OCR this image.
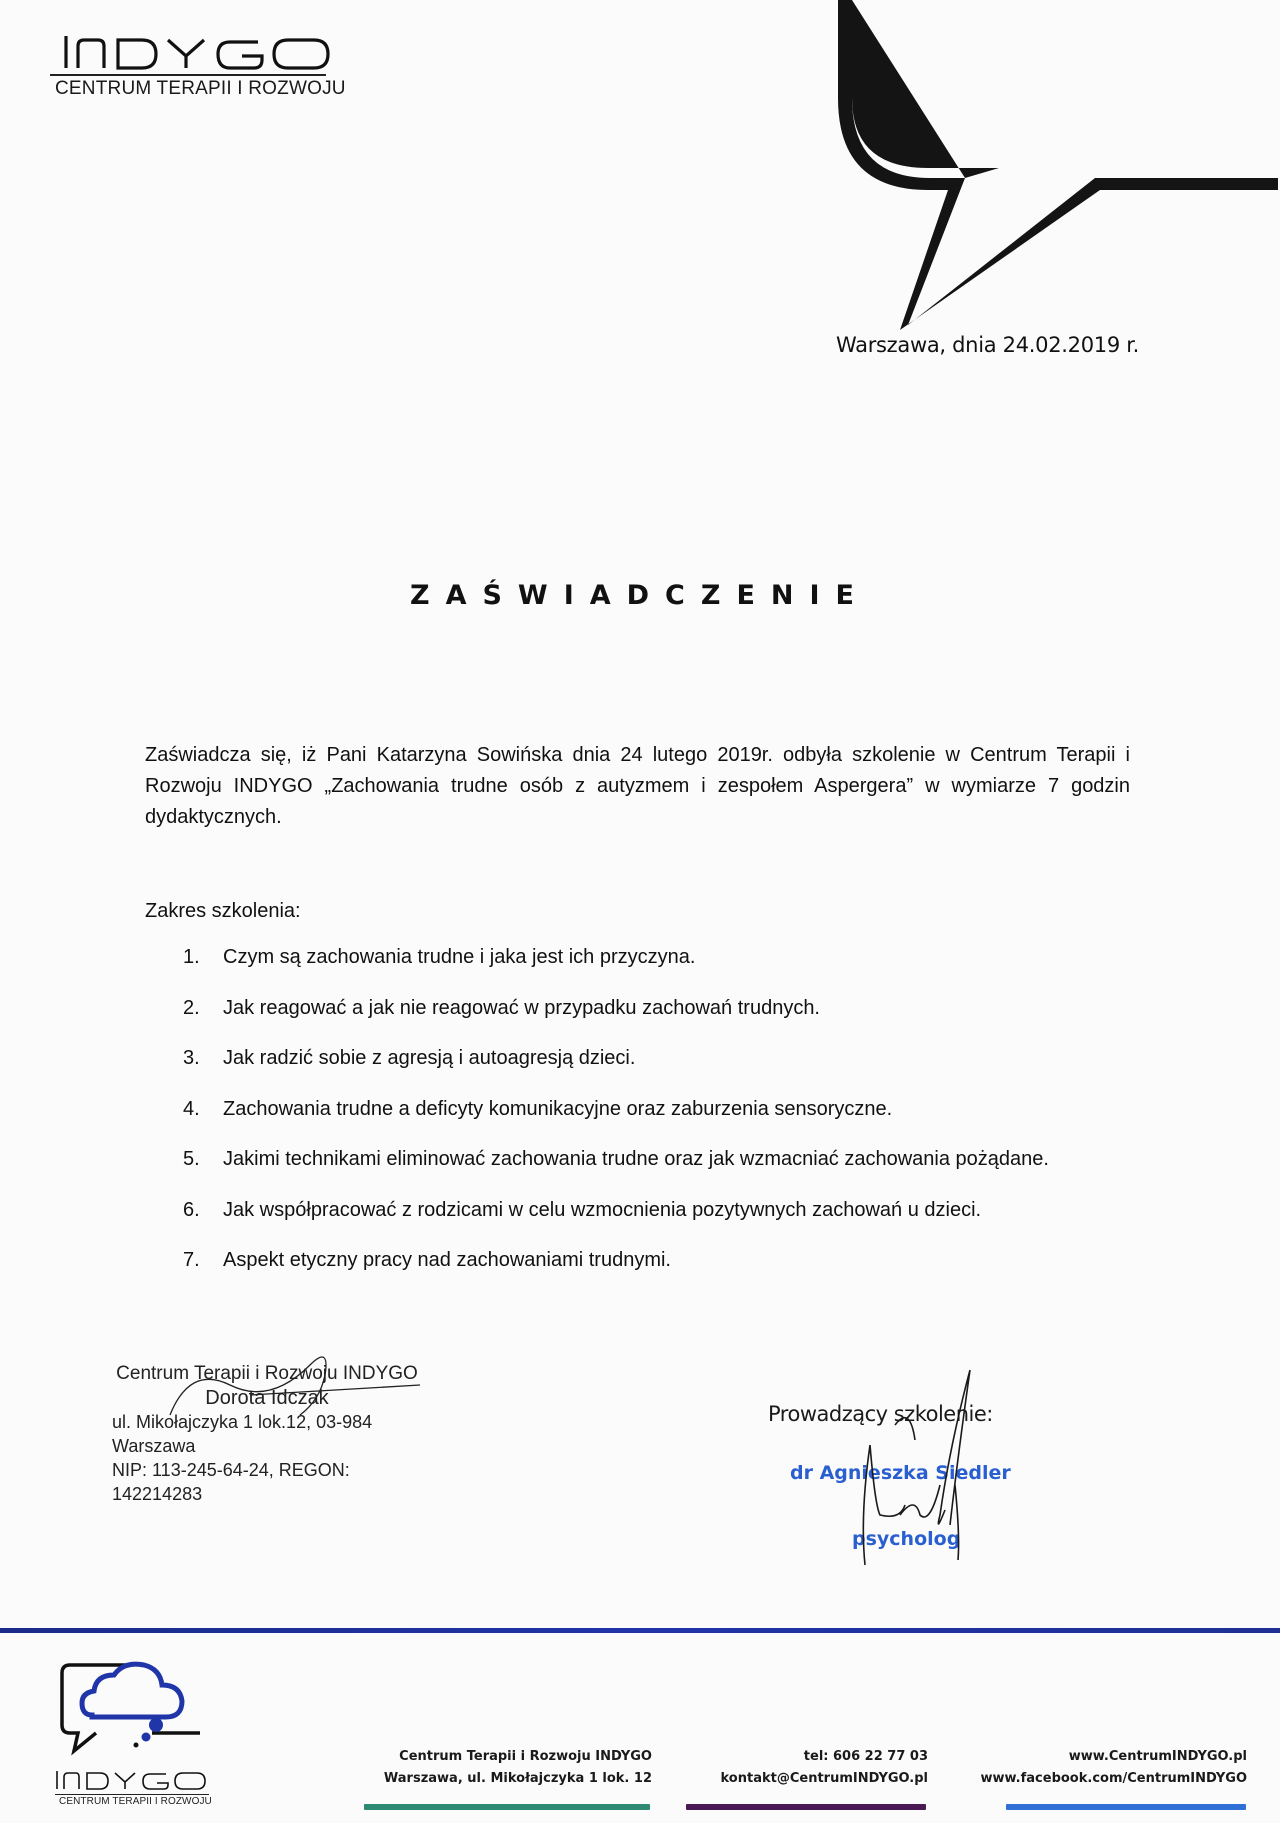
CENTRUM TERAPII I ROZWOJU
Warszawa, dnia 24.02.2019 r.
ZAŚWIADCZENIE

Zaświadcza się, iż Pani Katarzyna Sowińska dnia 24 lutego 2019r. odbyła szkolenie w Centrum Terapii i Rozwoju INDYGO „Zachowania trudne osób z autyzmem i zespołem Aspergera” w wymiarze 7 godzin dydaktycznych.

Zakres szkolenia:
1.	Czym są zachowania trudne i jaka jest ich przyczyna.
2.	Jak reagować a jak nie reagować w przypadku zachowań trudnych.
3.	Jak radzić sobie z agresją i autoagresją dzieci.
4.	Zachowania trudne a deficyty komunikacyjne oraz zaburzenia sensoryczne.
5.	Jakimi technikami eliminować zachowania trudne oraz jak wzmacniać zachowania pożądane.
6.	Jak współpracować z rodzicami w celu wzmocnienia pozytywnych zachowań u dzieci.
7.	Aspekt etyczny pracy nad zachowaniami trudnymi.
Centrum Terapii i Rozwoju INDYGO
Dorota Idczak
ul. Mikołajczyka 1 lok.12, 03-984 Warszawa
NIP: 113-245-64-24, REGON: 142214283
Prowadzący szkolenie:
dr Agnieszka Siedler
psycholog
CENTRUM TERAPII I ROZWOJU
Centrum Terapii i Rozwoju INDYGO
Warszawa, ul. Mikołajczyka 1 lok. 12
tel: 606 22 77 03
kontakt@CentrumINDYGO.pl
www.CentrumINDYGO.pl
www.facebook.com/CentrumINDYGO
